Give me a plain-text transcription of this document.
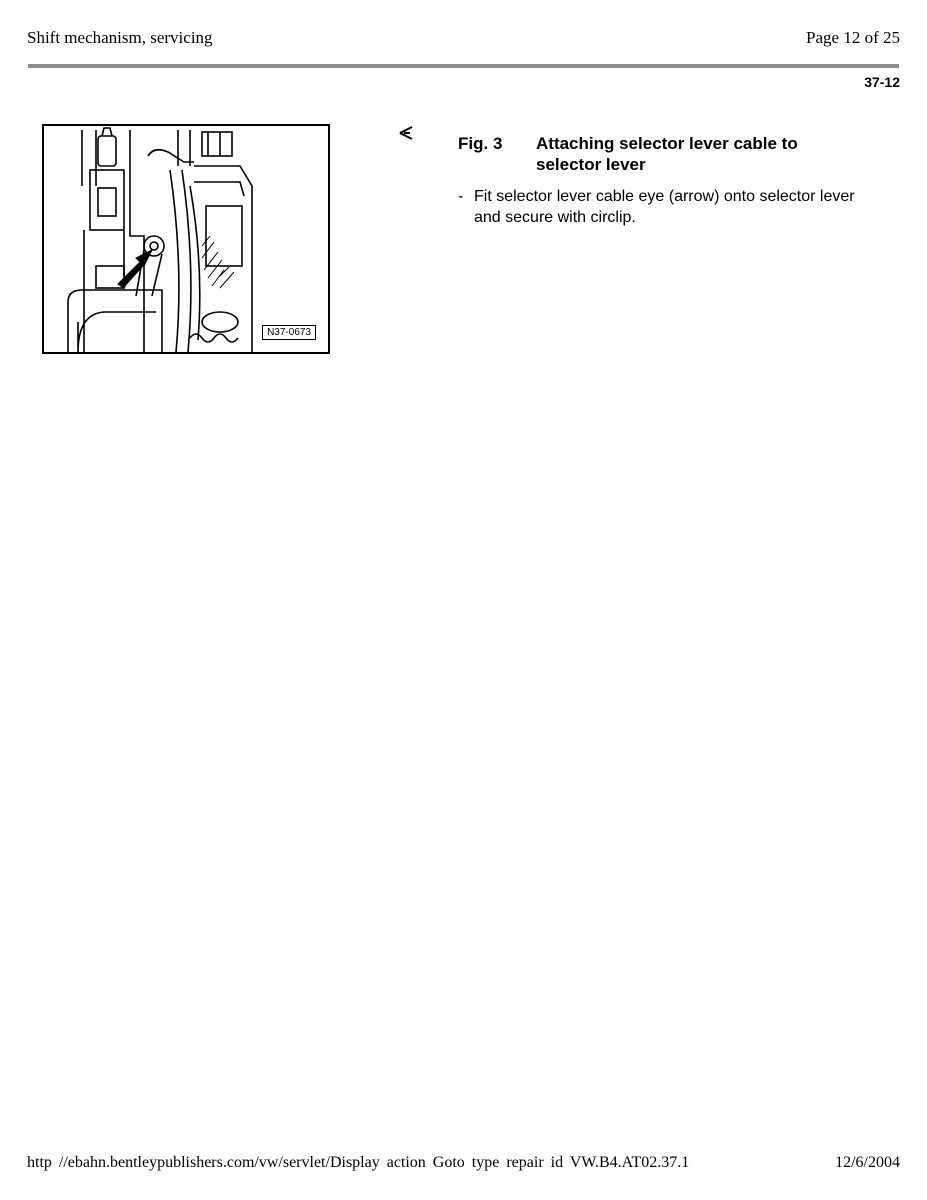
Shift mechanism, servicing	Page 12 of 25
37-12
N37-0673
Fig. 3 Attaching selector lever cable to selector lever
- Fit selector lever cable eye (arrow) onto selector lever and secure with circlip.
http //ebahn.bentleypublishers.com/vw/servlet/Display action Goto type repair id VW.B4.AT02.37.1	12/6/2004
